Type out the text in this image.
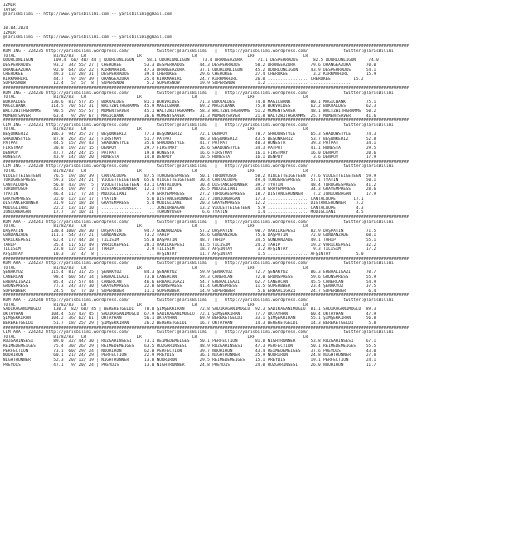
IZMIR
TAYSR
@TarisBilimi -- http://www.yarisbilimi.com -- yarisbilimi@gmail.com
10.04.2024
IZMIR
@TarisBilimi -- http://www.yarisbilimi.com -- yarisbilimi@gmail.com
#################################################################################################################################################################
KUM ING - 224235 http://yarisbilimi.wordpress.com/           twitter:@TarisBilimi   |   http://yarisbilimi.wordpress.com/              twitter:@TarisBilimi
TOTAL               81/82/83   LR                    LR                    LR                    LRF                   LR
ÜDÜRLÜNLIĞÜN        109.4  66/ 40/ 44 | ÜDÜRLÜNLIĞÜN     58.1 ÜDÜRLÜNLIĞÜN     73.4 ORANGEAZURA      71.1 DESPERRADOS      82.5 ÜDÜRLÜNLIĞÜN     74.0
DESPERRADOS         93.2  34/ 55/ 27 | CHEROKEE         53.3 DESPERRADOS      44.3 DESPERRADOS      58.2 ORANGEAZURA      79.6 ORANGEAZURA      70.0
ORANGEAZURA         92.0  64/ 16/ 22 | KIRKMAHIRL       47.3 ORANGEAZURA      37.1 ÜDÜRLÜNLIĞÜN     45.2 ÜDÜRLÜNLIĞÜN     43.9 DESPERRADOS      54.1
CHEROKEE            49.3  13/ 28/ 31 | DESPERRADOS      39.4 CHEROKEE         29.6 CHEROKEE         27.4 CHEROKEE          3.2 KIRKMAHIRL       15.9
KIRKMAHIRL          44.7   9/ 19/ 39 | ORANGEAZURA      25.4 KIRKMAHIRL       24.7 KIRKMAHIRL       26.0 ................ CHEROKEE         15.2
SUPERSNOW           12.4   5/  5/  8 | SUPERSNOW         5.2 SUPERSNOW        19.9 SUPERSNOW         1.2 ................ ................
#################################################################################################################################################################
KUM ING - 224236 http://yarisbilimi.wordpress.com/           twitter:@TarisBilimi   |   http://yarisbilimi.wordpress.com/              twitter:@TarisBilimi
TOTAL               81/82/83   LR                    LR                    LR                    LRF                   LR
BOKVALDES          130.6  81/ 57/ 35 | BOKVALDES        81.1 BOKVALDES        71.3 BOKVALDES        74.8 MAGICBANK        80.1 MAGICBANK        75.1
MAGICBANK          114.5  70/ 51/ 31 | WALTZWITHGRAMMS  45.9 MAGICBANK        69.2 MAGICBANK        75.8 BOKVALDES        62.2 BOKVALDES        62.3
WALTZWITHGRAMMS     90.5  29/ 55/ 57 | MOMENTSAVER      45.1 WALTZWITHGRAMMS  58.3 WALTZWITHGRAMMS  51.2 MOMENTSAVER      48.1 WALTZWITHGRAMMS  50.2
MOMENTSAVER         63.4   9/ 29/ 67 | MAGICBANK        36.6 MOMENTSAVER      31.3 MOMENTSAVER      21.8 WALTZWITHGRAMMS  25.7 MOMENTSAVER      41.6
#################################################################################################################################################################
CIM ING - 224231 http://yarisbilimi.wordpress.com/           twitter:@TarisBilimi   |   http://yarisbilimi.wordpress.com/              twitter:@TarisBilimi
TOTAL               81/82/83   LR                    LR                    LR                    LRF                   LR
BEŞONKERIZ         106.3  94/ 35/ 27 | BEŞONKERIZ       77.3 BEŞONKERIZ       72.1 DENPOY           70.7 SHADOWSTYLE      65.3 SHADOWSTYLE      74.3
SHADOWSTYLE         87.8  26/ 35/ 32 | FIRSTMAY         51.7 PATPAT           48.3 BEŞONKERIZ       43.5 BEŞONKERIZ       53.7 BEŞONKERIZ       52.8
PATPAT              44.5  15/ 29/ 43 | SHADOWSTYLE      35.6 SHADOWSTYLE      41.7 PATPAT           40.3 HONESTA          39.3 PATPAT           34.1
FIRSTMAY            30.8  19/ 23/ 15 | DENPOY           29.7 FIRSTMAY         26.6 SHADOWSTYLE      34.3 PATPAT           41.1 HONESTA          29.5
DENPOY              47.7  24/ 24/ 15 | PATPAT           19.8 HONESTA          16.6 FIRSTMAY         16.1 FIRSTMAY         16.0 DENPOY           20.6
HONESTA             43.9  14/ 10/ 20 | HONESTA          14.8 DENPOY           10.5 HONESTA          16.1 DENPOY            3.6 DENPOY           17.9
#################################################################################################################################################################
CIM ING - 224238 http://yarisbilimi.wordpress.com/           twitter:@TarisBilimi   |   http://yarisbilimi.wordpress.com/              twitter:@TarisBilimi
TOTAL               81/82/83   LR                    LR                    LR                    LRF                   LR
VIOLETTEIGETEEN     76.5  19/ 18/ 39 | CANTALOUPE       87.5 TOROGRESPRESS    50.1 TORUNYUSUF       58.2 VIOLETTEIGETEEN  77.6 VIOLETTEIGETEEN  59.9
TOROGRESPRESS       59.3  16/ 24/ 21 | VIOLETTEIGETEEN  65.6 VIOLETTEIGETEEN  30.4 CANTALOUPE       49.4 TOROGRESPRESS    57.1 TYATIN           50.1
CANTALOUPE          56.8  43/ 19/  5 | VIOLETTEIGETEEN  43.1 CANTALOUPE       30.4 DISTANCERUNNER   39.7 TYATIN           48.4 TOROGRESPRESS    41.2
TORUNYUSUF          42.4  19/ 39/  7 | DISTANCERUNNER   12.1 TYATIN           26.5 MODIGLIANI       34.4 GRAYEMPRESS      34.3 GRAYEMPRESS      28.6
TYATIN              46.4  11/  7/ 24 | MODIGLIANI        7.9 GRAYEMPRESS      27.2 TOROGRESPRESS    18.7 DISTANCERUNNER    7.2 JUNIORBAGAN      17.9
GRAYEMPRESS         32.0  12/ 13/ 17 | TYATIN            5.8 DISTANCERUNNER   22.7 JUNIORBAGAN      17.3 ................ CANTALOUPE       17.1
DISTANCERUNNER      31.9  12/ 18/ 18 | GRAYEMPRESS       5.4 MODIGLIANI       20.3 GRAYEMPRESS      12.2 ................ DISTANCERUNNER    7.2
MODIGLIANI          22.2  13/ 11/ 10 | ................   .. JUNIORBAGAN      13.2 VIOLETTEIGETEEN   5.9 ................ CANTALOUPE        4.3
JUNIORBAGAN         17.7   3/ 10/ 11 | ................   .. TORUNYUSUF        6.6 TYATIN            1.4 ................ MODIGLIANI        4.5
#################################################################################################################################################################
KUM ARA - 224241 http://yarisbilimi.wordpress.com/           twitter:@TarisBilimi   |   http://yarisbilimi.wordpress.com/              twitter:@TarisBilimi
TOTAL               81/82/83   LR                    LR                    LR                    LRF                   LR
DAŞPATIN           130.4 100/ 28/ 30 | DAŞPATIN         94.7 GÜNDANZADE       57.2 DAŞPATIN         90.7 VARILKEPESI      82.9 DAŞPATIN         71.5
GÜNDANZADE         111.1  54/ 37/ 21 | GÜNDANZADE       73.2 TAHIP            56.6 GÜNDANZADE       75.6 DAŞPATIN         72.0 GÜNDANZADE       60.1
VARILKEPESI         62.4  17/ 44/ 18 | TILISIM          55.0 DAŞPATIN         48.7 TAHIP            34.5 GÜNDANZADE       49.1 TAHIP            55.1
TAHIP               35.4  11/ 51/ 49 | VARILKEPESI      28.1 VARILKEPESI      41.5 TILISIM          24.2 TAHIP            19.2 VARILKEPESI      32.2
TILISIM             23.8  12/ 15/ 13 | TAHIP             2.9 TILISIM          18.7 AFŞINTAY          3.2 AFŞINTAY          9.3 TILISIM          17.2
AFŞINTAY            10.3   3/  4/  8 | ................   .. AFŞINTAY         11.7 AFŞINTAY          1.5 ................ AFŞINTAY          5.0
#################################################################################################################################################################
KUM ARA - 224237 http://yarisbilimi.wordpress.com/           twitter:@TarisBilimi   |   http://yarisbilimi.wordpress.com/              twitter:@TarisBilimi
TOTAL               81/82/83   LR                    LR                    LR                    LRF                   LR
ŞENAKYÜZ           115.4  81/ 31/ 25 | ŞENAKYÜZ         84.3 ŞENAKYÜZ         59.9 ŞENAKYÜZ         72.7 ŞENAKYÜZ         86.3 ERBAALIGAZI      70.7
CANERCAN            98.4  60/ 54/ 14 | ERBAALIGAZI      73.0 CANERCAN         59.3 CANERCAN         72.0 GRONSPRESS       59.6 GRONSPRESS       55.9
ERBAALIGAZI         85.4  21/ 57/ 44 | CANERCAN         46.6 ERBAALIGAZI      54.7 ERBAALIGAZI      62.7 CANERCAN         45.5 CANERCAN         54.9
GRONSPRESS          77.3  24/ 37/ 30 | GRAYEMPRESS      22.8 GRONSPRESS       41.4 GRONSPRESS       11.5 SUPERBBER        23.4 ŞENAKYÜZ         37.5
SUPERBBER           24.5   6/  7/ 10 | SUPERBBER        11.1 SUPERBBER        14.9 SUPERBBER         5.6 ERBAALIGAZI      24.7 SUPERBBER         6.4
#################################################################################################################################################################
KUM ARA - 224240 http://yarisbilimi.wordpress.com/           twitter:@TarisBilimi   |   http://yarisbilimi.wordpress.com/              twitter:@TarisBilimi
TOTAL               81/82/83   LR                    LR                    LR                    LRF                   LR
SADIKAĞANIMOĞLU     130.3  82/ 60/ 45 | BEREKETGELDI    78.8 ŞİMŞEKKIRAN      72.8 SADIKAĞANIMOĞLU  92.3 SADIKAĞANIMOĞLU  81.1 SADIKAĞANIMOĞLU  89.3
OKTAYHAN           104.4  53/ 43/ 45 | SADIKAĞANIMOĞLU  67.9 SADIKAĞANIMOĞLU  72.1 ŞİMŞEKKIRAN      77.7 OKTAYHAN         60.4 OKTAYHAN         47.9
ŞİMŞEKKIRAN        104.2  36/ 62/ 61 | OKTAYHAN         56.1 OKTAYHAN         69.9 BEREKETGELDI     33.1 ŞİMŞEKKIRAN      55.1 ŞİMŞEKKIRAN      56.8
BEREKETGELDI        51.7  18/ 25/ 29 | ŞİMŞEKKIRAN      26.2 BEREKETGELDI     16.7 OKTAYHAN         14.3 BEREKETGELDI     14.3 BEREKETGELDI      5.8
#################################################################################################################################################################
CIM ARA - 224242 http://yarisbilimi.wordpress.com/           twitter:@TarisBilimi   |   http://yarisbilimi.wordpress.com/              twitter:@TarisBilimi
TOTAL               81/82/83   LR                    LR                    LR                    LRF                   LR
RÜZGARINSESI        89.0  32/ 44/ 30 | RÜZGARINSESI     73.1 REIMEDEMEIGES    50.1 PERFECTION       81.8 NIGHTRUNNER      53.8 RÜZGARINSESI     67.1
REIMEDEMEIGES       75.4  30/ 26/ 29 | REIMEDEMEIGES    63.5 RÜZGARINSESI     48.9 RÜZGARINSESI     47.3 PERFECTION       50.1 REIMEDEMEIGES    55.5
PERFECTION          73.1  60/ 29/ 24 | NOORIRON         62.0 PERFECTION       39.7 NOORIRON         43.4 REIMEDEMEIGES    37.6 PREYDIS          43.0
NOORIRON            60.1  21/ 24/ 29 | PERFECTION       22.9 PREYDIS          36.1 NIGHTRUNNER      25.9 NOORIRON         24.8 NIGHTRUNNER      27.8
NIGHTRUNNER         52.3  20/ 12/ 19 | NIGHTRUNNER      13.8 NOORIRON         29.5 REIMEDEMEIGES    15.1 PREYDIS          19.1 PERFECTION       24.1
PREYDIS             47.1   9/ 20/ 24 | PREYDIS          13.0 NIGHTRUNNER      24.8 PREYDIS          24.0 RÜZGARINSESI     26.0 NOORIRON         11.7
